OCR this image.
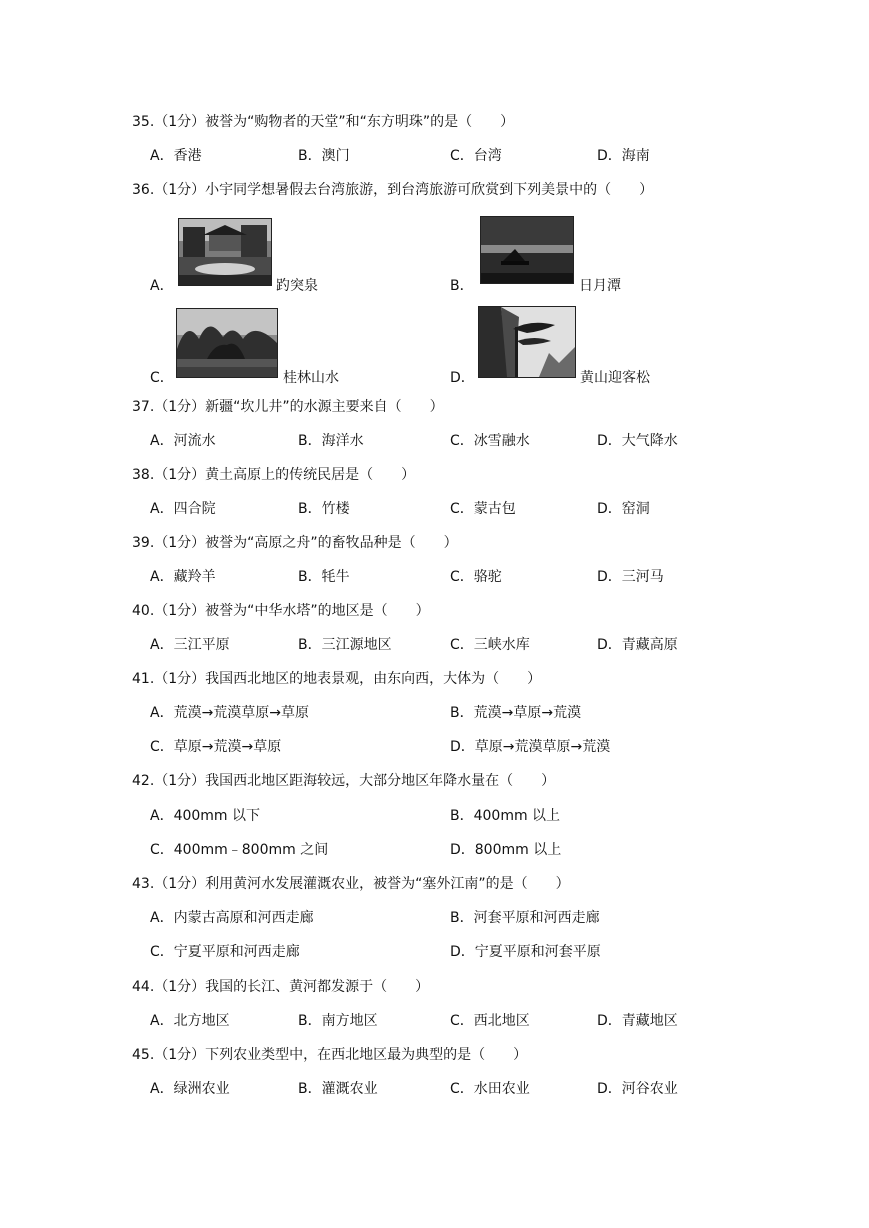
35.（1分）被誉为“购物者的天堂”和“东方明珠”的是（　　）
A．香港	B．澳门	C．台湾	D．海南
36.（1分）小宇同学想暑假去台湾旅游，到台湾旅游可欣赏到下列美景中的（　　）
A．	趵突泉	B．	日月潭
C．	桂林山水	D．	黄山迎客松
37.（1分）新疆“坎儿井”的水源主要来自（　　）
A．河流水	B．海洋水	C．冰雪融水	D．大气降水
38.（1分）黄土高原上的传统民居是（　　）
A．四合院	B．竹楼	C．蒙古包	D．窑洞
39.（1分）被誉为“高原之舟”的畜牧品种是（　　）
A．藏羚羊	B．牦牛	C．骆驼	D．三河马
40.（1分）被誉为“中华水塔”的地区是（　　）
A．三江平原	B．三江源地区	C．三峡水库	D．青藏高原
41.（1分）我国西北地区的地表景观，由东向西，大体为（　　）
A．荒漠→荒漠草原→草原	B．荒漠→草原→荒漠
C．草原→荒漠→草原	D．草原→荒漠草原→荒漠
42.（1分）我国西北地区距海较远，大部分地区年降水量在（　　）
A．400mm 以下	B．400mm 以上
C．400mm﹣800mm 之间	D．800mm 以上
43.（1分）利用黄河水发展灌溉农业，被誉为“塞外江南”的是（　　）
A．内蒙古高原和河西走廊	B．河套平原和河西走廊
C．宁夏平原和河西走廊	D．宁夏平原和河套平原
44.（1分）我国的长江、黄河都发源于（　　）
A．北方地区	B．南方地区	C．西北地区	D．青藏地区
45.（1分）下列农业类型中，在西北地区最为典型的是（　　）
A．绿洲农业	B．灌溉农业	C．水田农业	D．河谷农业
